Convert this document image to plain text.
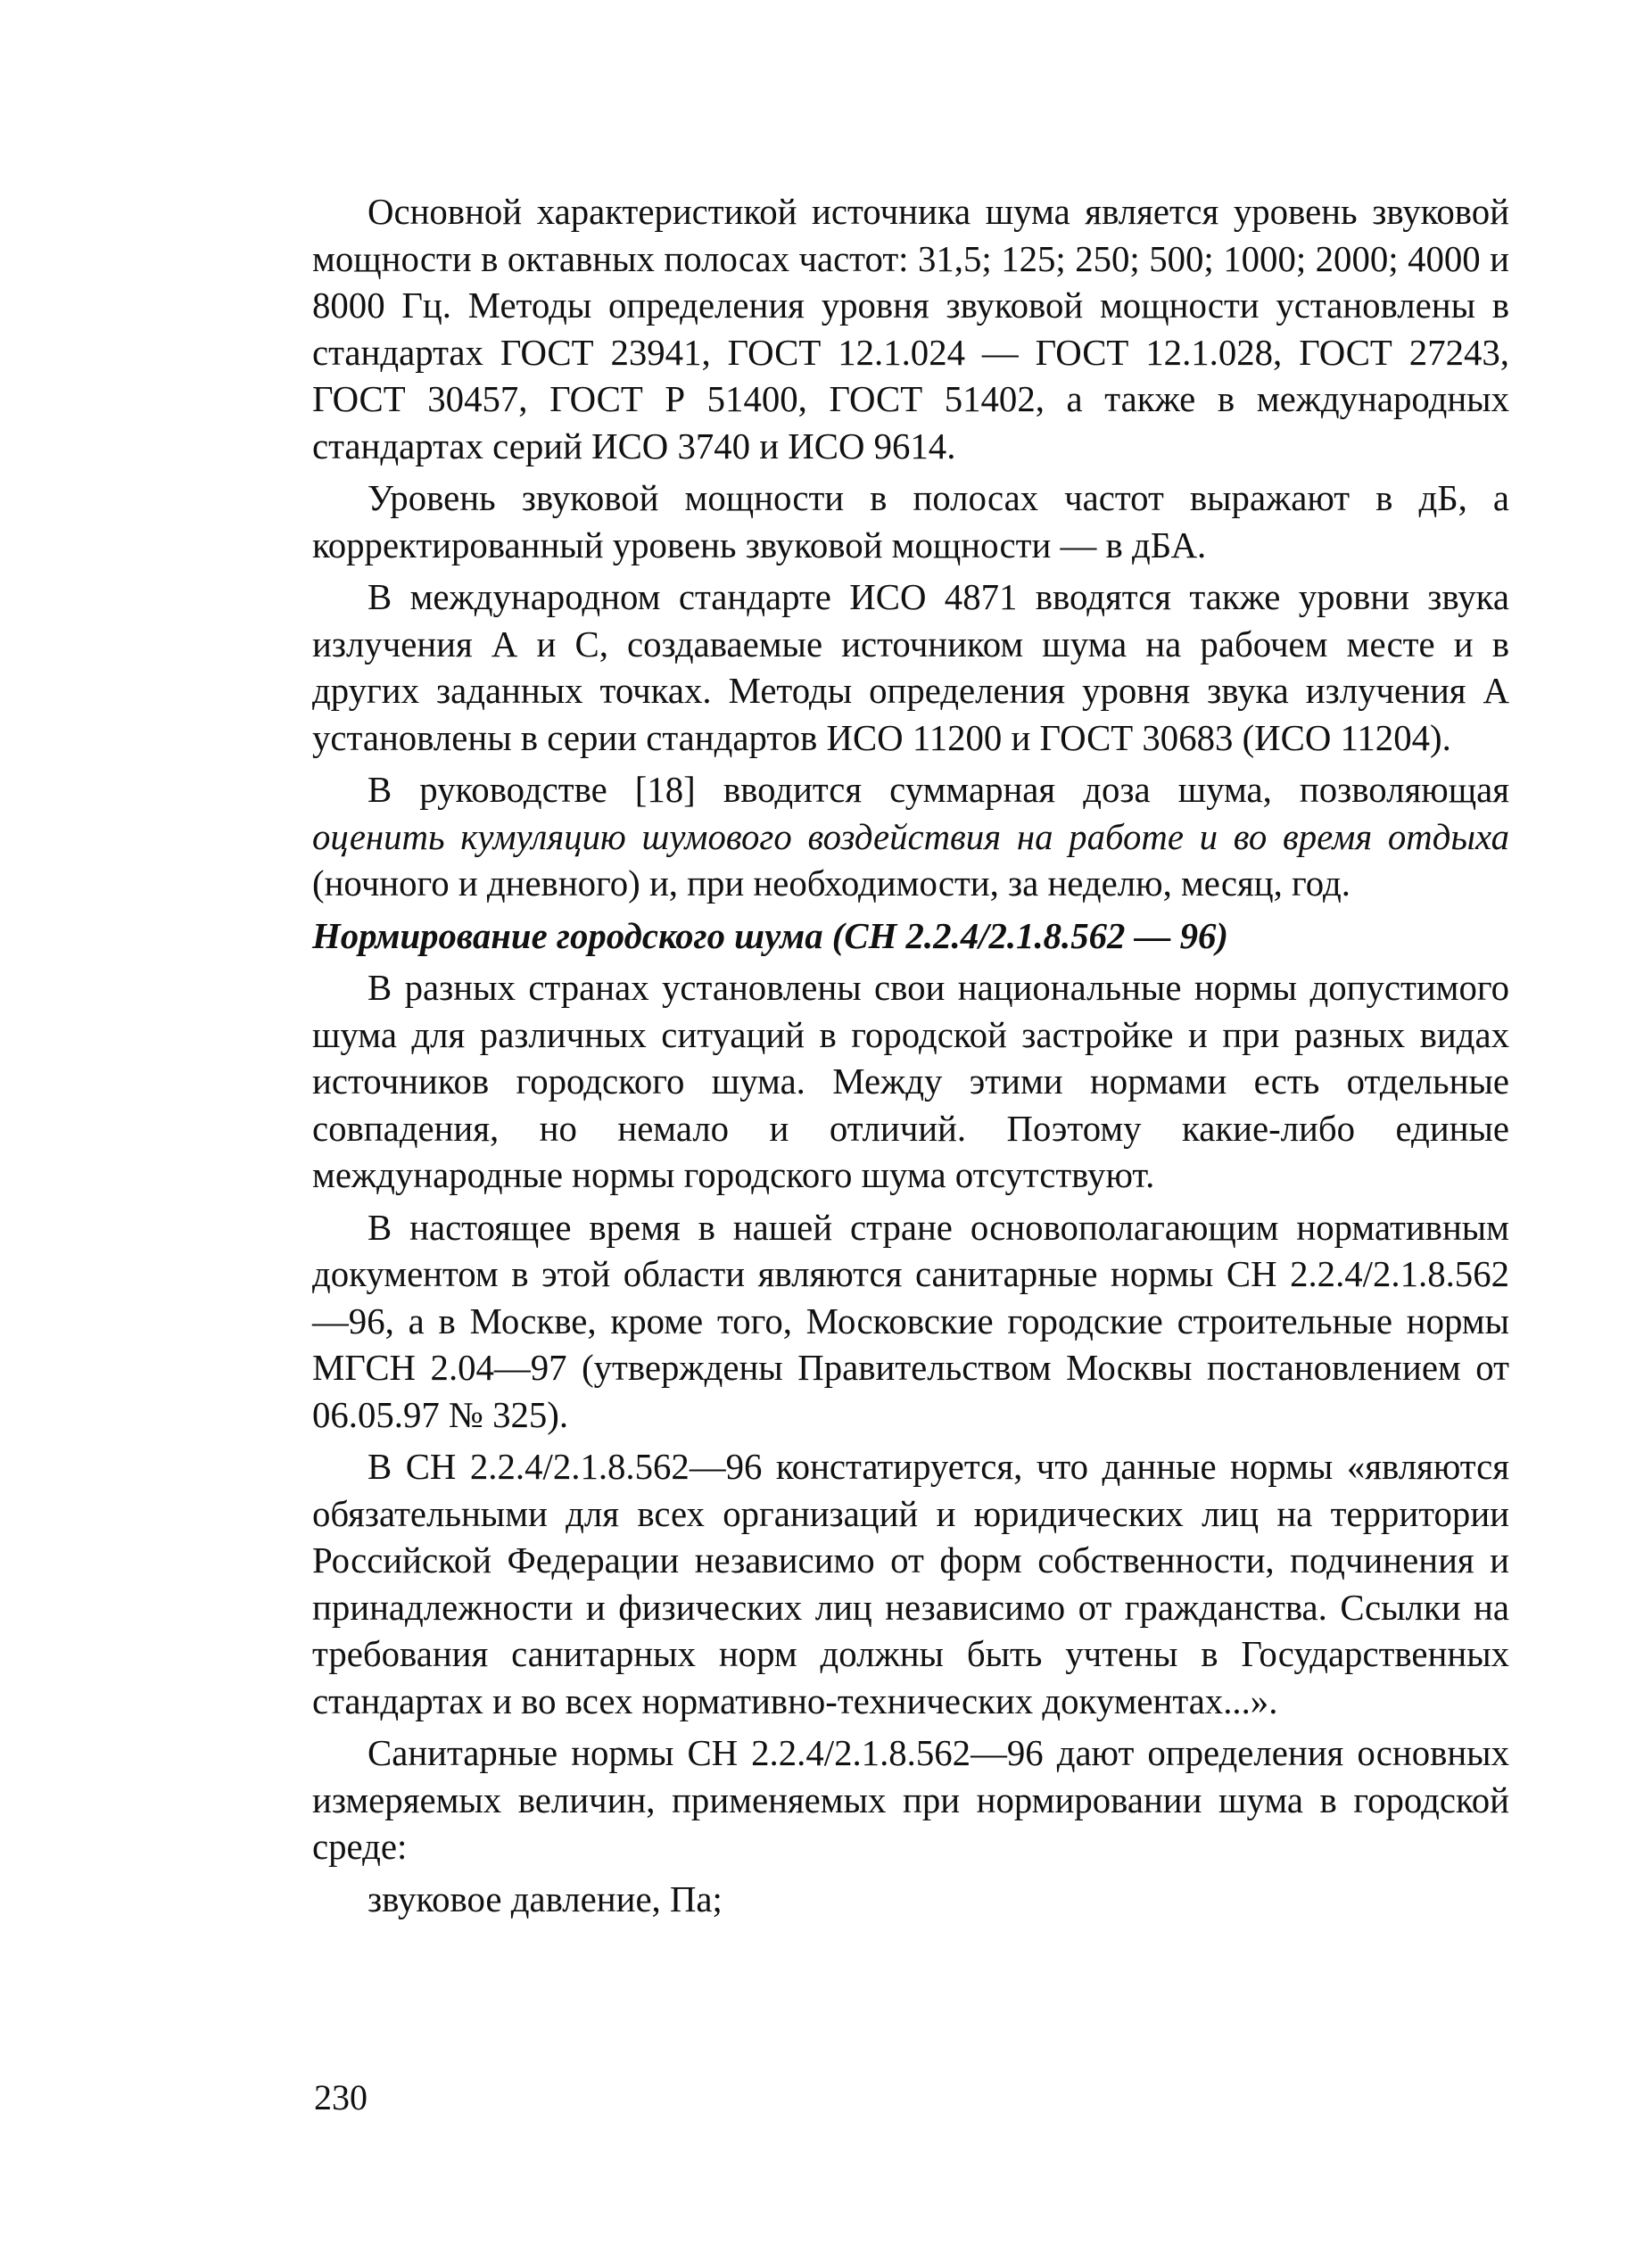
Основной характеристикой источника шума является уровень звуковой мощности в октавных полосах частот: 31,5; 125; 250; 500; 1000; 2000; 4000 и 8000 Гц. Методы определения уровня звуковой мощности установлены в стандартах ГОСТ 23941, ГОСТ 12.1.024 — ГОСТ 12.1.028, ГОСТ 27243, ГОСТ 30457, ГОСТ Р 51400, ГОСТ 51402, а также в международных стандартах серий ИСО 3740 и ИСО 9614.

Уровень звуковой мощности в полосах частот выражают в дБ, а корректированный уровень звуковой мощности — в дБА.

В международном стандарте ИСО 4871 вводятся также уровни звука излучения А и С, создаваемые источником шума на рабочем месте и в других заданных точках. Методы определения уровня звука излучения А установлены в серии стандартов ИСО 11200 и ГОСТ 30683 (ИСО 11204).

В руководстве [18] вводится суммарная доза шума, позволяющая оценить кумуляцию шумового воздействия на работе и во время отдыха (ночного и дневного) и, при необходимости, за неделю, месяц, год.

Нормирование городского шума (СН 2.2.4/2.1.8.562 — 96)

В разных странах установлены свои национальные нормы допустимого шума для различных ситуаций в городской застройке и при разных видах источников городского шума. Между этими нормами есть отдельные совпадения, но немало и отличий. Поэтому какие-либо единые международные нормы городского шума отсутствуют.

В настоящее время в нашей стране основополагающим нормативным документом в этой области являются санитарные нормы СН 2.2.4/2.1.8.562—96, а в Москве, кроме того, Московские городские строительные нормы МГСН 2.04—97 (утверждены Правительством Москвы постановлением от 06.05.97 № 325).

В СН 2.2.4/2.1.8.562—96 констатируется, что данные нормы «являются обязательными для всех организаций и юридических лиц на территории Российской Федерации независимо от форм собственности, подчинения и принадлежности и физических лиц независимо от гражданства. Ссылки на требования санитарных норм должны быть учтены в Государственных стандартах и во всех нормативно-технических документах...».

Санитарные нормы СН 2.2.4/2.1.8.562—96 дают определения основных измеряемых величин, применяемых при нормировании шума в городской среде:

звуковое давление, Па;

230
